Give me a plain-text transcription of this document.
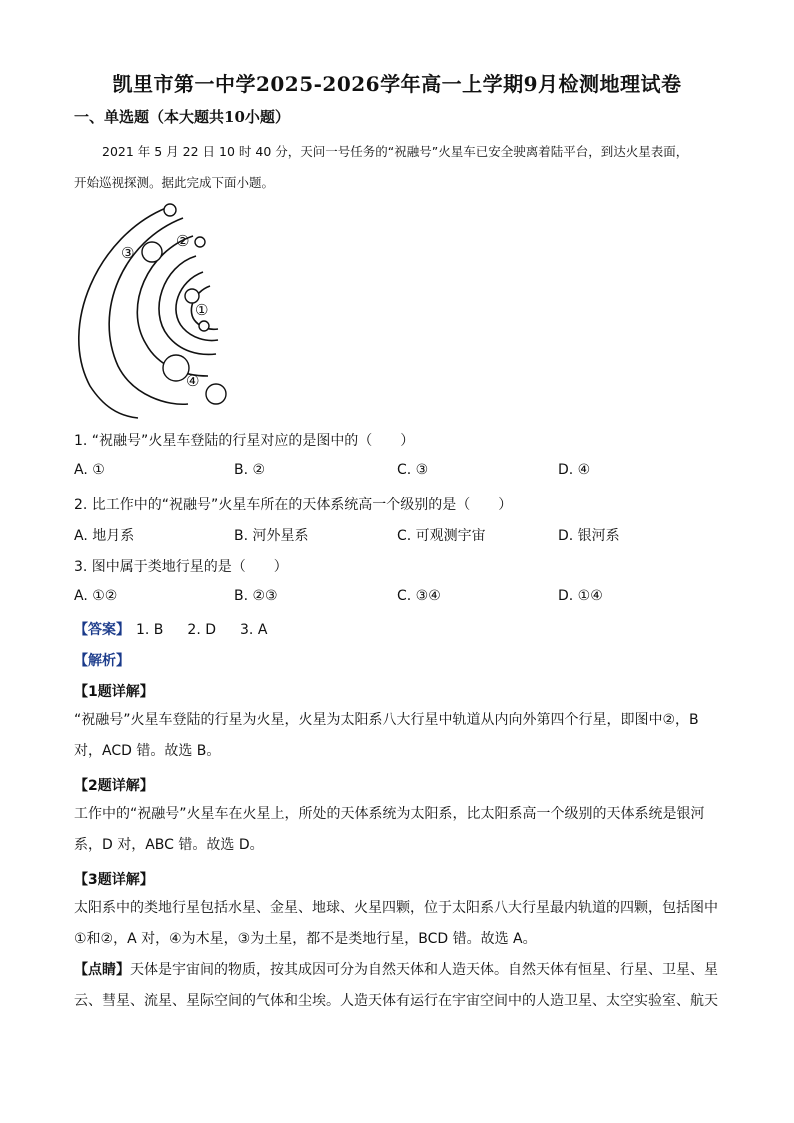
凯里市第一中学2025-2026学年高一上学期9月检测地理试卷
一、单选题（本大题共10小题）
2021 年 5 月 22 日 10 时 40 分，天问一号任务的“祝融号”火星车已安全驶离着陆平台，到达火星表面，
开始巡视探测。据此完成下面小题。
③
②
①
④
1. “祝融号”火星车登陆的行星对应的是图中的（　　）
A. ①	B. ②	C. ③	D. ④
2. 比工作中的“祝融号”火星车所在的天体系统高一个级别的是（　　）
A. 地月系	B. 河外星系	C. 可观测宇宙	D. 银河系
3. 图中属于类地行星的是（　　）
A. ①②	B. ②③	C. ③④	D. ①④
【答案】 1. B 2. D 3. A
【解析】
【1题详解】
“祝融号”火星车登陆的行星为火星，火星为太阳系八大行星中轨道从内向外第四个行星，即图中②，B
对，ACD 错。故选 B。
【2题详解】
工作中的“祝融号”火星车在火星上，所处的天体系统为太阳系，比太阳系高一个级别的天体系统是银河
系，D 对，ABC 错。故选 D。
【3题详解】
太阳系中的类地行星包括水星、金星、地球、火星四颗，位于太阳系八大行星最内轨道的四颗，包括图中
①和②，A 对，④为木星，③为土星，都不是类地行星，BCD 错。故选 A。
【点睛】天体是宇宙间的物质，按其成因可分为自然天体和人造天体。自然天体有恒星、行星、卫星、星
云、彗星、流星、星际空间的气体和尘埃。人造天体有运行在宇宙空间中的人造卫星、太空实验室、航天
